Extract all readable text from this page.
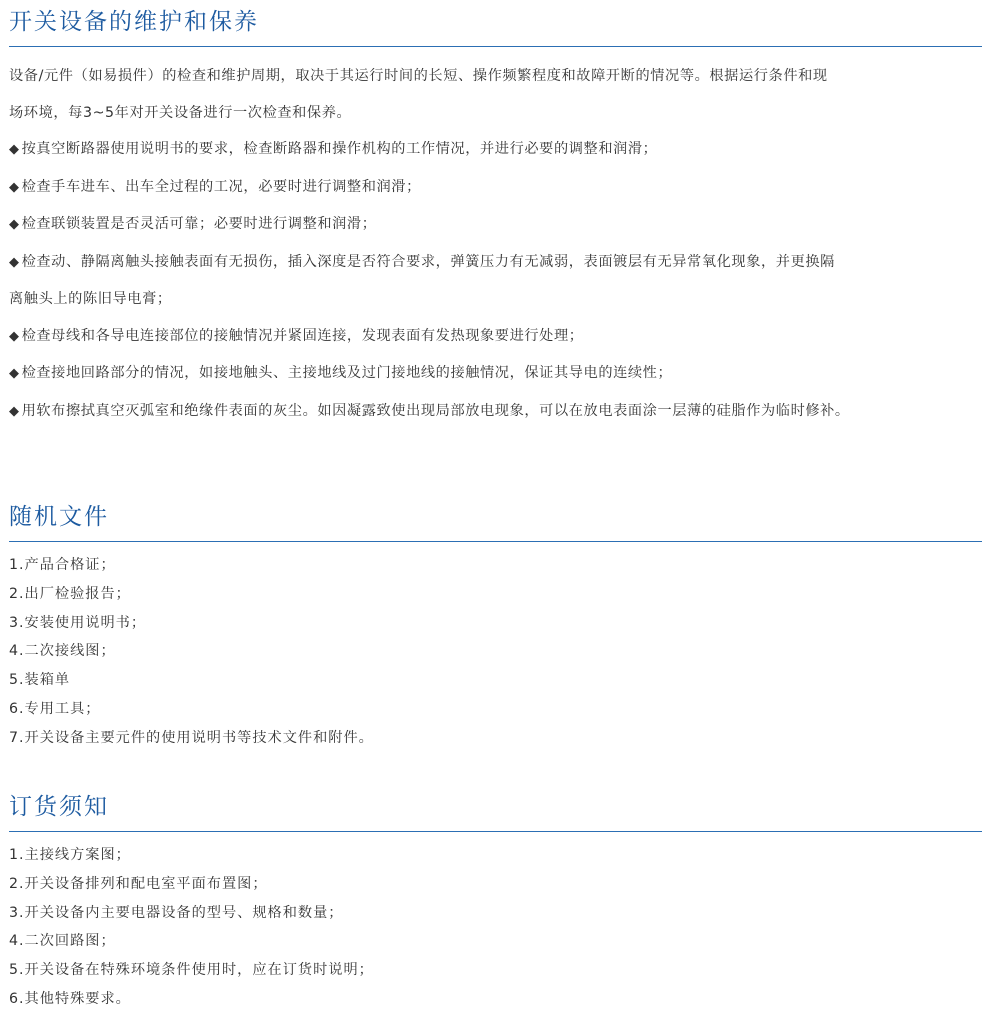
开关设备的维护和保养

设备/元件（如易损件）的检查和维护周期，取决于其运行时间的长短、操作频繁程度和故障开断的情况等。根据运行条件和现

场环境，每3~5年对开关设备进行一次检查和保养。

◆ 按真空断路器使用说明书的要求，检查断路器和操作机构的工作情况，并进行必要的调整和润滑；

◆ 检查手车进车、出车全过程的工况，必要时进行调整和润滑；

◆ 检查联锁装置是否灵活可靠；必要时进行调整和润滑；

◆ 检查动、静隔离触头接触表面有无损伤，插入深度是否符合要求，弹簧压力有无减弱，表面镀层有无异常氧化现象，并更换隔

离触头上的陈旧导电膏；

◆ 检查母线和各导电连接部位的接触情况并紧固连接，发现表面有发热现象要进行处理；

◆ 检查接地回路部分的情况，如接地触头、主接地线及过门接地线的接触情况，保证其导电的连续性；

◆ 用软布擦拭真空灭弧室和绝缘件表面的灰尘。如因凝露致使出现局部放电现象，可以在放电表面涂一层薄的硅脂作为临时修补。

随机文件

1.产品合格证；

2.出厂检验报告；

3.安装使用说明书；

4.二次接线图；

5.装箱单

6.专用工具；

7.开关设备主要元件的使用说明书等技术文件和附件。

订货须知

1.主接线方案图；

2.开关设备排列和配电室平面布置图；

3.开关设备内主要电器设备的型号、规格和数量；

4.二次回路图；

5.开关设备在特殊环境条件使用时，应在订货时说明；

6.其他特殊要求。
